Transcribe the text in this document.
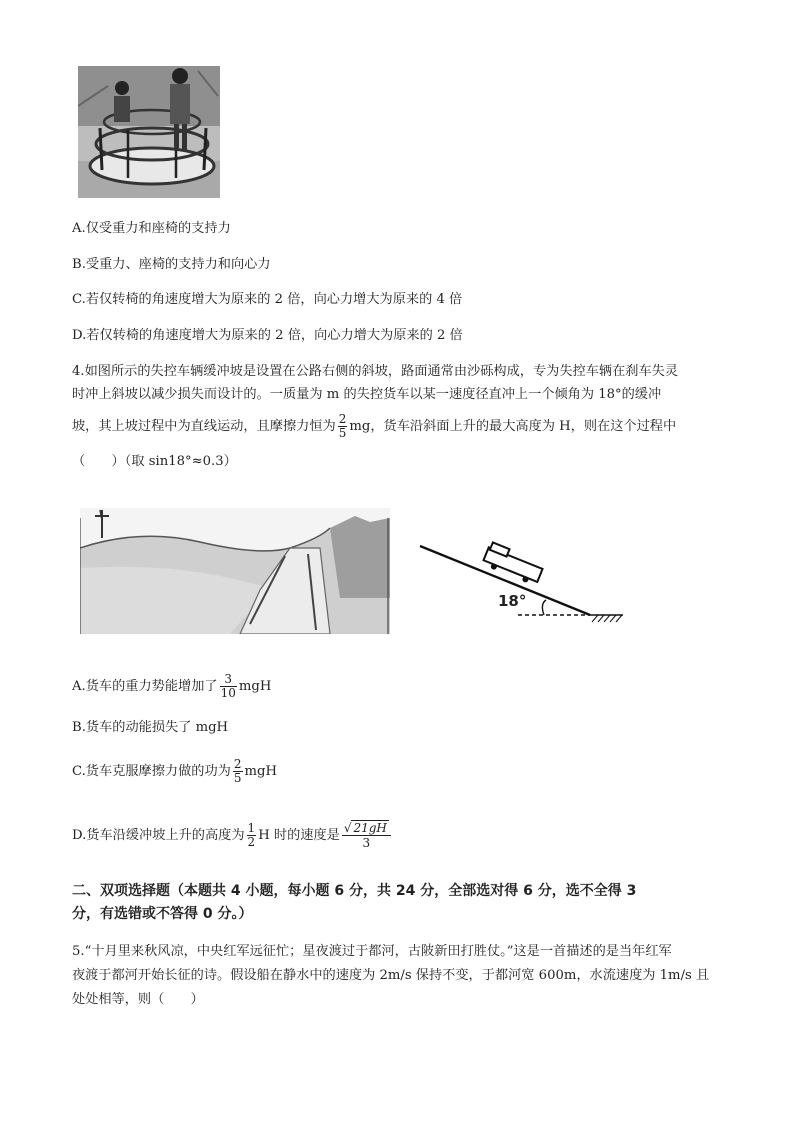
A.仅受重力和座椅的支持力
B.受重力、座椅的支持力和向心力
C.若仅转椅的角速度增大为原来的 2 倍，向心力增大为原来的 4 倍
D.若仅转椅的角速度增大为原来的 2 倍，向心力增大为原来的 2 倍
4.如图所示的失控车辆缓冲坡是设置在公路右侧的斜坡，路面通常由沙砾构成，专为失控车辆在刹车失灵
时冲上斜坡以减少损失而设计的。一质量为 m 的失控货车以某一速度径直冲上一个倾角为 18°的缓冲
坡，其上坡过程中为直线运动，且摩擦力恒为 $\frac{2}{5}$ mg，货车沿斜面上升的最大高度为 H，则在这个过程中
（　　）（取 sin18°≈0.3）
18°
A.货车的重力势能增加了 $\frac{3}{10}$ mgH
B.货车的动能损失了 mgH
C.货车克服摩擦力做的功为 $\frac{2}{5}$ mgH
D.货车沿缓冲坡上升的高度为 $\frac{1}{2}$ H 时的速度是 $\frac{√ 21gH}{3}$
二、双项选择题（本题共 4 小题，每小题 6 分，共 24 分，全部选对得 6 分，选不全得 3
分，有选错或不答得 0 分。）
5.“十月里来秋风凉，中央红军远征忙；星夜渡过于都河，古陂新田打胜仗。”这是一首描述的是当年红军
夜渡于都河开始长征的诗。假设船在静水中的速度为 2m/s 保持不变，于都河宽 600m，水流速度为 1m/s 且
处处相等，则（　　）
